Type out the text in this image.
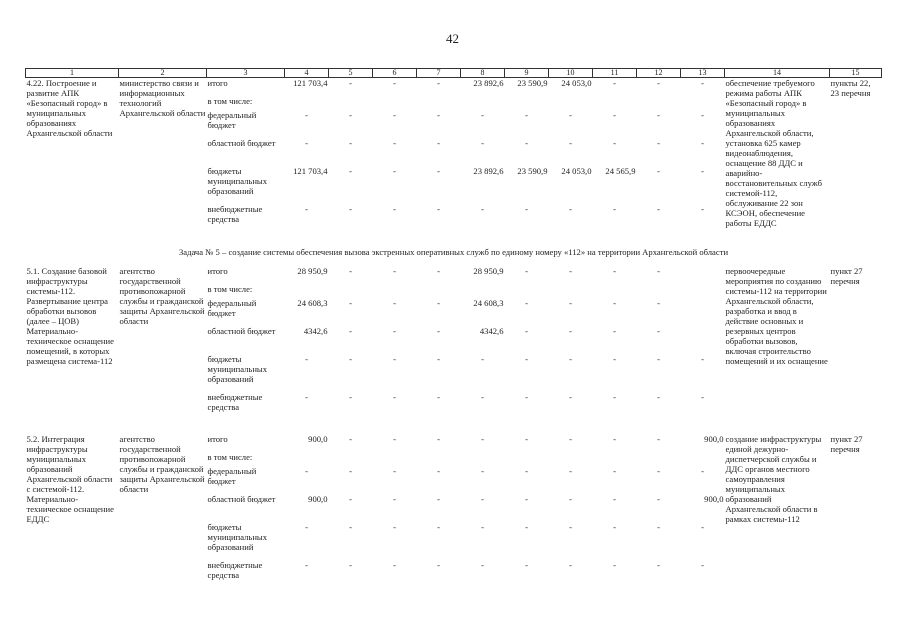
42
1	2	3	4	5	6	7	8	9	10	11	12	13	14	15
4.22. Построение и развитие АПК «Безопасный город» в муниципальных образованиях Архангельской области	министерство связи и информационных технологий Архангельской области	итого	121 703,4	-	-	-	23 892,6	23 590,9	24 053,0	-	-	-	обеспечение требуемого режима работы АПК «Безопасный город» в муниципальных образованиях Архангельской области, установка 625 камер видеонаблюдения, оснащение 88 ДДС и аварийно-восстановительных служб системой-112, обслуживание 22 зон КСЭОН, обеспечение работы ЕДДС	пункты 22, 23 перечня
		в том числе:												
		федеральный бюджет	-	-	-	-	-	-	-	-	-	-		
		областной бюджет	-	-	-	-	-	-	-	-	-	-		
		бюджеты муниципальных образований	121 703,4	-	-	-	23 892,6	23 590,9	24 053,0	24 565,9	-	-		
		внебюджетные средства	-	-	-	-	-	-	-	-	-	-		
Задача № 5 – создание системы обеспечения вызова экстренных оперативных служб по единому номеру «112» на территории Архангельской области														
5.1. Создание базовой инфраструктуры системы-112. Развертывание центра обработки вызовов (далее – ЦОВ) Материально-техническое оснащение помещений, в которых размещена система-112	агентство государственной противопожарной службы и гражданской защиты Архангельской области	итого	28 950,9	-	-	-	28 950,9	-	-	-	-		первоочередные мероприятия по созданию системы-112 на территории Архангельской области, разработка и ввод в действие основных и резервных центров обработки вызовов, включая строительство помещений и их оснащение	пункт 27 перечня
		в том числе:												
		федеральный бюджет	24 608,3	-	-	-	24 608,3	-	-	-	-			
		областной бюджет	4342,6	-	-	-	4342,6	-	-	-	-			
		бюджеты муниципальных образований	-	-	-	-	-	-	-	-	-	-		
		внебюджетные средства	-	-	-	-	-	-	-	-	-	-		

5.2. Интеграция инфраструктуры муниципальных образований Архангельской области с системой-112. Материально-техническое оснащение ЕДДС	агентство государственной противопожарной службы и гражданской защиты Архангельской области	итого	900,0	-	-	-	-	-	-	-	-	900,0	создание инфраструктуры единой дежурно-диспетчерской службы и ДДС органов местного самоуправления муниципальных образований Архангельской области в рамках системы-112	пункт 27 перечня
		в том числе:												
		федеральный бюджет	-	-	-	-	-	-	-	-	-	-		
		областной бюджет	900,0	-	-	-	-	-	-	-	-	900,0		
		бюджеты муниципальных образований	-	-	-	-	-	-	-	-	-	-		
		внебюджетные средства	-	-	-	-	-	-	-	-	-	-		
